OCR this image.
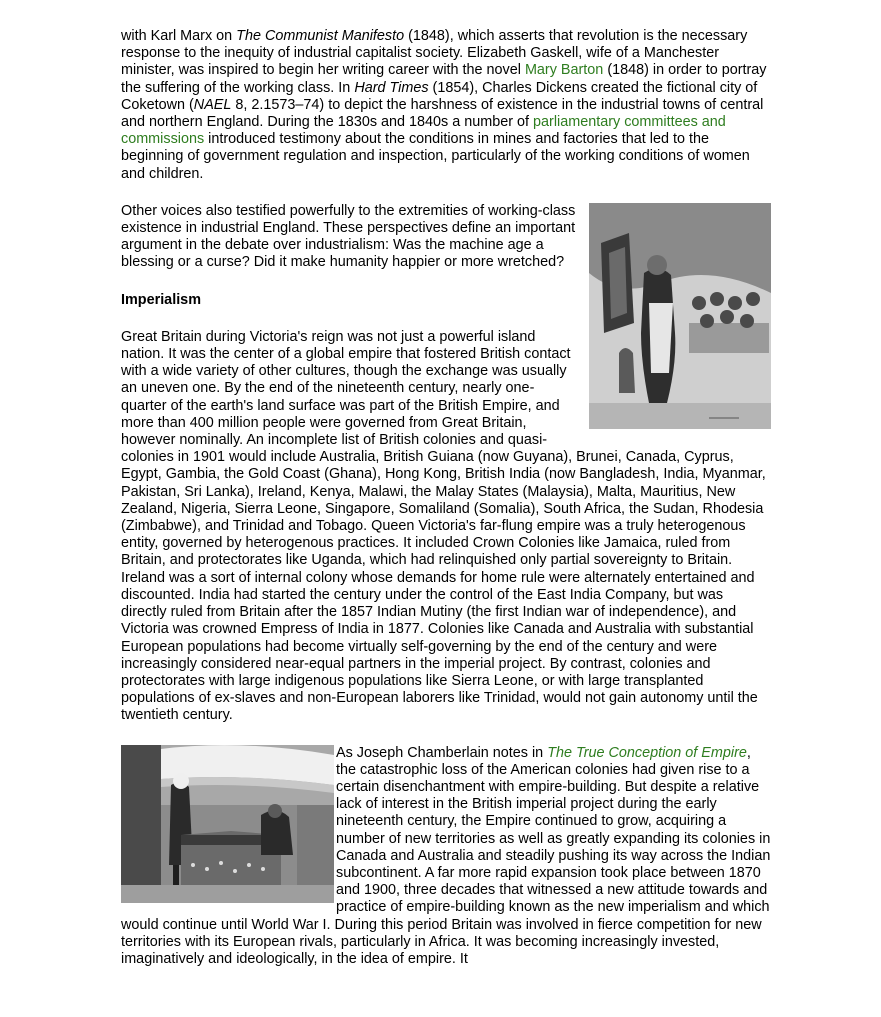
with Karl Marx on The Communist Manifesto (1848), which asserts that revolution is the necessary response to the inequity of industrial capitalist society. Elizabeth Gaskell, wife of a Manchester minister, was inspired to begin her writing career with the novel Mary Barton (1848) in order to portray the suffering of the working class. In Hard Times (1854), Charles Dickens created the fictional city of Coketown (NAEL 8, 2.1573–74) to depict the harshness of existence in the industrial towns of central and northern England. During the 1830s and 1840s a number of parliamentary committees and commissions introduced testimony about the conditions in mines and factories that led to the beginning of government regulation and inspection, particularly of the working conditions of women and children.

Other voices also testified powerfully to the extremities of working-class existence in industrial England. These perspectives define an important argument in the debate over industrialism: Was the machine age a blessing or a curse? Did it make humanity happier or more wretched?

Imperialism

Great Britain during Victoria's reign was not just a powerful island nation. It was the center of a global empire that fostered British contact with a wide variety of other cultures, though the exchange was usually an uneven one. By the end of the nineteenth century, nearly one-quarter of the earth's land surface was part of the British Empire, and more than 400 million people were governed from Great Britain, however nominally. An incomplete list of British colonies and quasi-colonies in 1901 would include Australia, British Guiana (now Guyana), Brunei, Canada, Cyprus, Egypt, Gambia, the Gold Coast (Ghana), Hong Kong, British India (now Bangladesh, India, Myanmar, Pakistan, Sri Lanka), Ireland, Kenya, Malawi, the Malay States (Malaysia), Malta, Mauritius, New Zealand, Nigeria, Sierra Leone, Singapore, Somaliland (Somalia), South Africa, the Sudan, Rhodesia (Zimbabwe), and Trinidad and Tobago. Queen Victoria's far-flung empire was a truly heterogenous entity, governed by heterogenous practices. It included Crown Colonies like Jamaica, ruled from Britain, and protectorates like Uganda, which had relinquished only partial sovereignty to Britain. Ireland was a sort of internal colony whose demands for home rule were alternately entertained and discounted. India had started the century under the control of the East India Company, but was directly ruled from Britain after the 1857 Indian Mutiny (the first Indian war of independence), and Victoria was crowned Empress of India in 1877. Colonies like Canada and Australia with substantial European populations had become virtually self-governing by the end of the century and were increasingly considered near-equal partners in the imperial project. By contrast, colonies and protectorates with large indigenous populations like Sierra Leone, or with large transplanted populations of ex-slaves and non-European laborers like Trinidad, would not gain autonomy until the twentieth century.

As Joseph Chamberlain notes in The True Conception of Empire, the catastrophic loss of the American colonies had given rise to a certain disenchantment with empire-building. But despite a relative lack of interest in the British imperial project during the early nineteenth century, the Empire continued to grow, acquiring a number of new territories as well as greatly expanding its colonies in Canada and Australia and steadily pushing its way across the Indian subcontinent. A far more rapid expansion took place between 1870 and 1900, three decades that witnessed a new attitude towards and practice of empire-building known as the new imperialism and which would continue until World War I. During this period Britain was involved in fierce competition for new territories with its European rivals, particularly in Africa. It was becoming increasingly invested, imaginatively and ideologically, in the idea of empire. It
